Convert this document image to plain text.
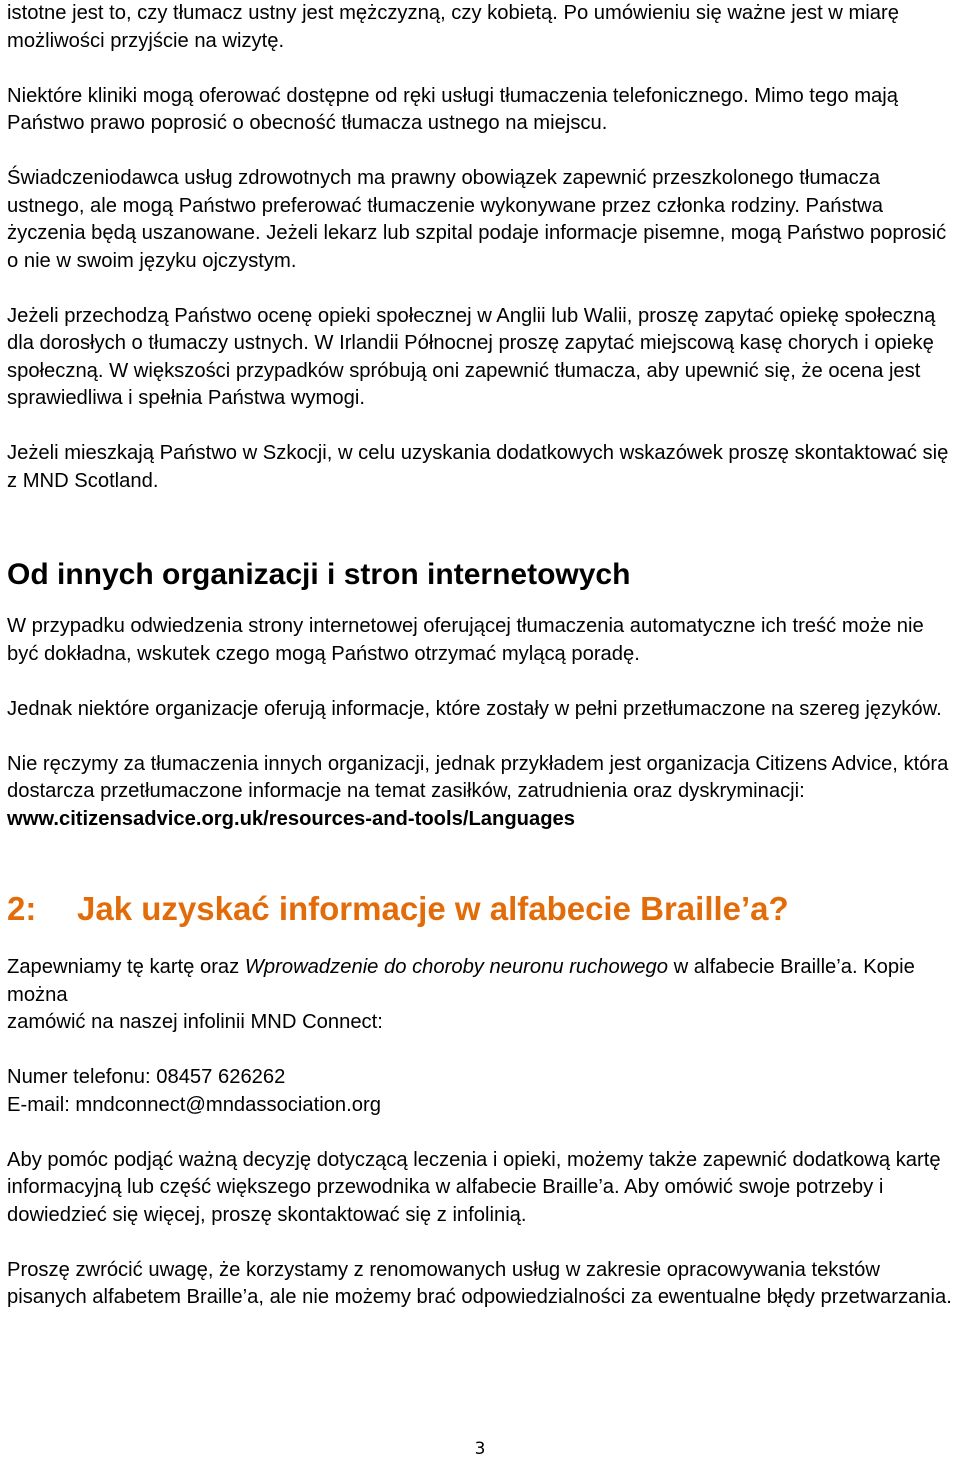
istotne jest to, czy tłumacz ustny jest mężczyzną, czy kobietą. Po umówieniu się ważne jest w miarę możliwości przyjście na wizytę.

Niektóre kliniki mogą oferować dostępne od ręki usługi tłumaczenia telefonicznego. Mimo tego mają Państwo prawo poprosić o obecność tłumacza ustnego na miejscu.

Świadczeniodawca usług zdrowotnych ma prawny obowiązek zapewnić przeszkolonego tłumacza ustnego, ale mogą Państwo preferować tłumaczenie wykonywane przez członka rodziny. Państwa życzenia będą uszanowane. Jeżeli lekarz lub szpital podaje informacje pisemne, mogą Państwo poprosić o nie w swoim języku ojczystym.

Jeżeli przechodzą Państwo ocenę opieki społecznej w Anglii lub Walii, proszę zapytać opiekę społeczną dla dorosłych o tłumaczy ustnych. W Irlandii Północnej proszę zapytać miejscową kasę chorych i opiekę społeczną. W większości przypadków spróbują oni zapewnić tłumacza, aby upewnić się, że ocena jest sprawiedliwa i spełnia Państwa wymogi.

Jeżeli mieszkają Państwo w Szkocji, w celu uzyskania dodatkowych wskazówek proszę skontaktować się z MND Scotland.

Od innych organizacji i stron internetowych

W przypadku odwiedzenia strony internetowej oferującej tłumaczenia automatyczne ich treść może nie być dokładna, wskutek czego mogą Państwo otrzymać mylącą poradę.

Jednak niektóre organizacje oferują informacje, które zostały w pełni przetłumaczone na szereg języków.

Nie ręczymy za tłumaczenia innych organizacji, jednak przykładem jest organizacja Citizens Advice, która dostarcza przetłumaczone informacje na temat zasiłków, zatrudnienia oraz dyskryminacji: www.citizensadvice.org.uk/resources-and-tools/Languages

2: Jak uzyskać informacje w alfabecie Braille’a?

Zapewniamy tę kartę oraz Wprowadzenie do choroby neuronu ruchowego w alfabecie Braille’a. Kopie można
zamówić na naszej infolinii MND Connect:

Numer telefonu: 08457 626262
E-mail: mndconnect@mndassociation.org

Aby pomóc podjąć ważną decyzję dotyczącą leczenia i opieki, możemy także zapewnić dodatkową kartę informacyjną lub część większego przewodnika w alfabecie Braille’a. Aby omówić swoje potrzeby i dowiedzieć się więcej, proszę skontaktować się z infolinią.

Proszę zwrócić uwagę, że korzystamy z renomowanych usług w zakresie opracowywania tekstów pisanych alfabetem Braille’a, ale nie możemy brać odpowiedzialności za ewentualne błędy przetwarzania.

3
